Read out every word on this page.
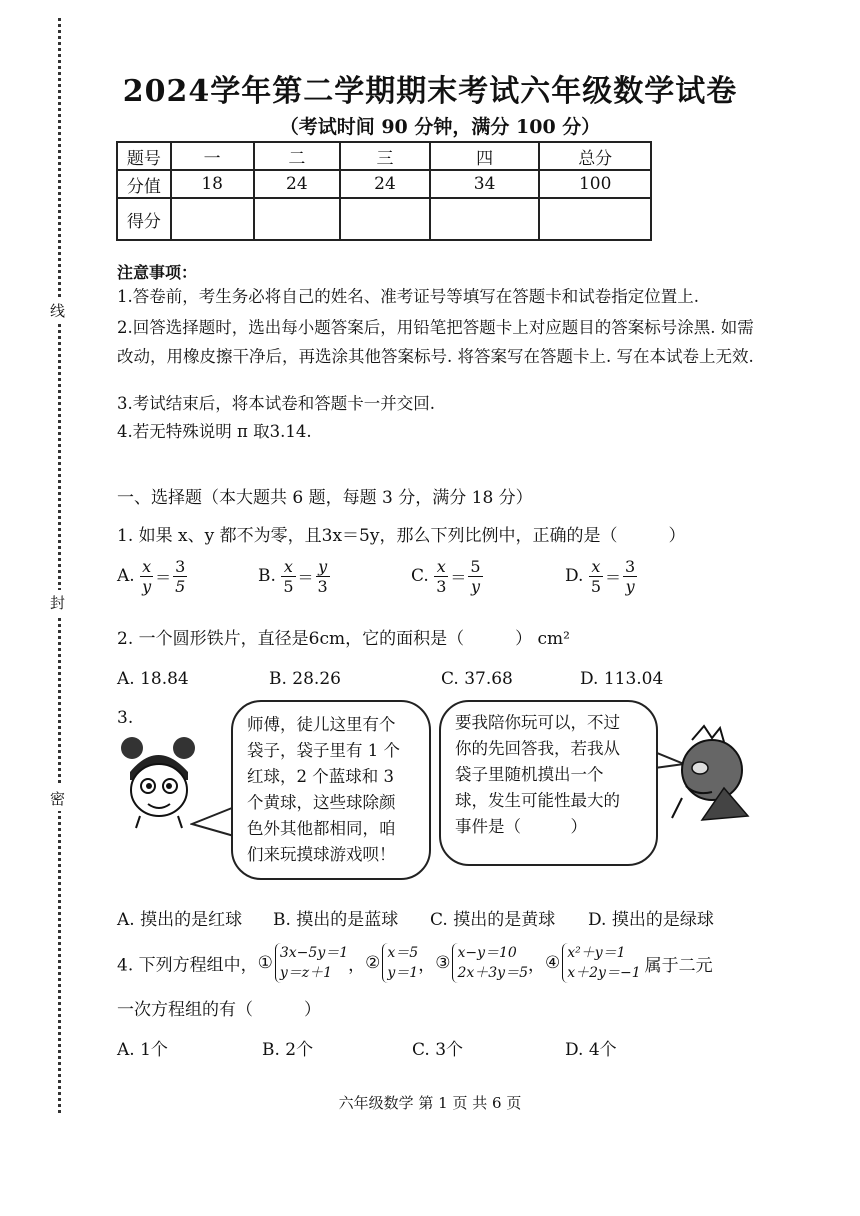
线
封
密
2024学年第二学期期末考试六年级数学试卷
（考试时间 90 分钟，满分 100 分）
题号	一	二	三	四	总分
分值	18	24	24	34	100
得分					
注意事项：
1.答卷前，考生务必将自己的姓名、准考证号等填写在答题卡和试卷指定位置上.
2.回答选择题时，选出每小题答案后，用铅笔把答题卡上对应题目的答案标号涂黑. 如需改动，用橡皮擦干净后，再选涂其他答案标号. 将答案写在答题卡上. 写在本试卷上无效.
3.考试结束后，将本试卷和答题卡一并交回.
4.若无特殊说明 π 取3.14.
一、选择题（本大题共 6 题，每题 3 分，满分 18 分）
1. 如果 x、y 都不为零，且3x＝5y，那么下列比例中，正确的是（　　　）
A. $\frac{x}{y} = \frac{3}{5}$	B. $\frac{x}{5} = \frac{y}{3}$	C. $\frac{x}{3} = \frac{5}{y}$	D. $\frac{x}{5} = \frac{3}{y}$
2. 一个圆形铁片，直径是6cm，它的面积是（　　　） cm²
A. 18.84	B. 28.26	C. 37.68	D. 113.04
3.	师傅，徒儿这里有个
袋子，袋子里有 1 个
红球，2 个蓝球和 3
个黄球，这些球除颜
色外其他都相同，咱
们来玩摸球游戏呗！
要我陪你玩可以，不过
你的先回答我，若我从
袋子里随机摸出一个
球，发生可能性最大的
事件是（　　　）
A. 摸出的是红球 B. 摸出的是蓝球 C. 摸出的是黄球 D. 摸出的是绿球
4. 下列方程组中，① 3x−5y＝1
y＝z＋1 ，② x＝5
y＝1 ，③ x−y＝10
2x＋3y＝5 ，④ x²＋y＝1
x＋2y＝−1 属于二元
一次方程组的有（　　　）
A. 1个	B. 2个	C. 3个	D. 4个
六年级数学 第 1 页 共 6 页
